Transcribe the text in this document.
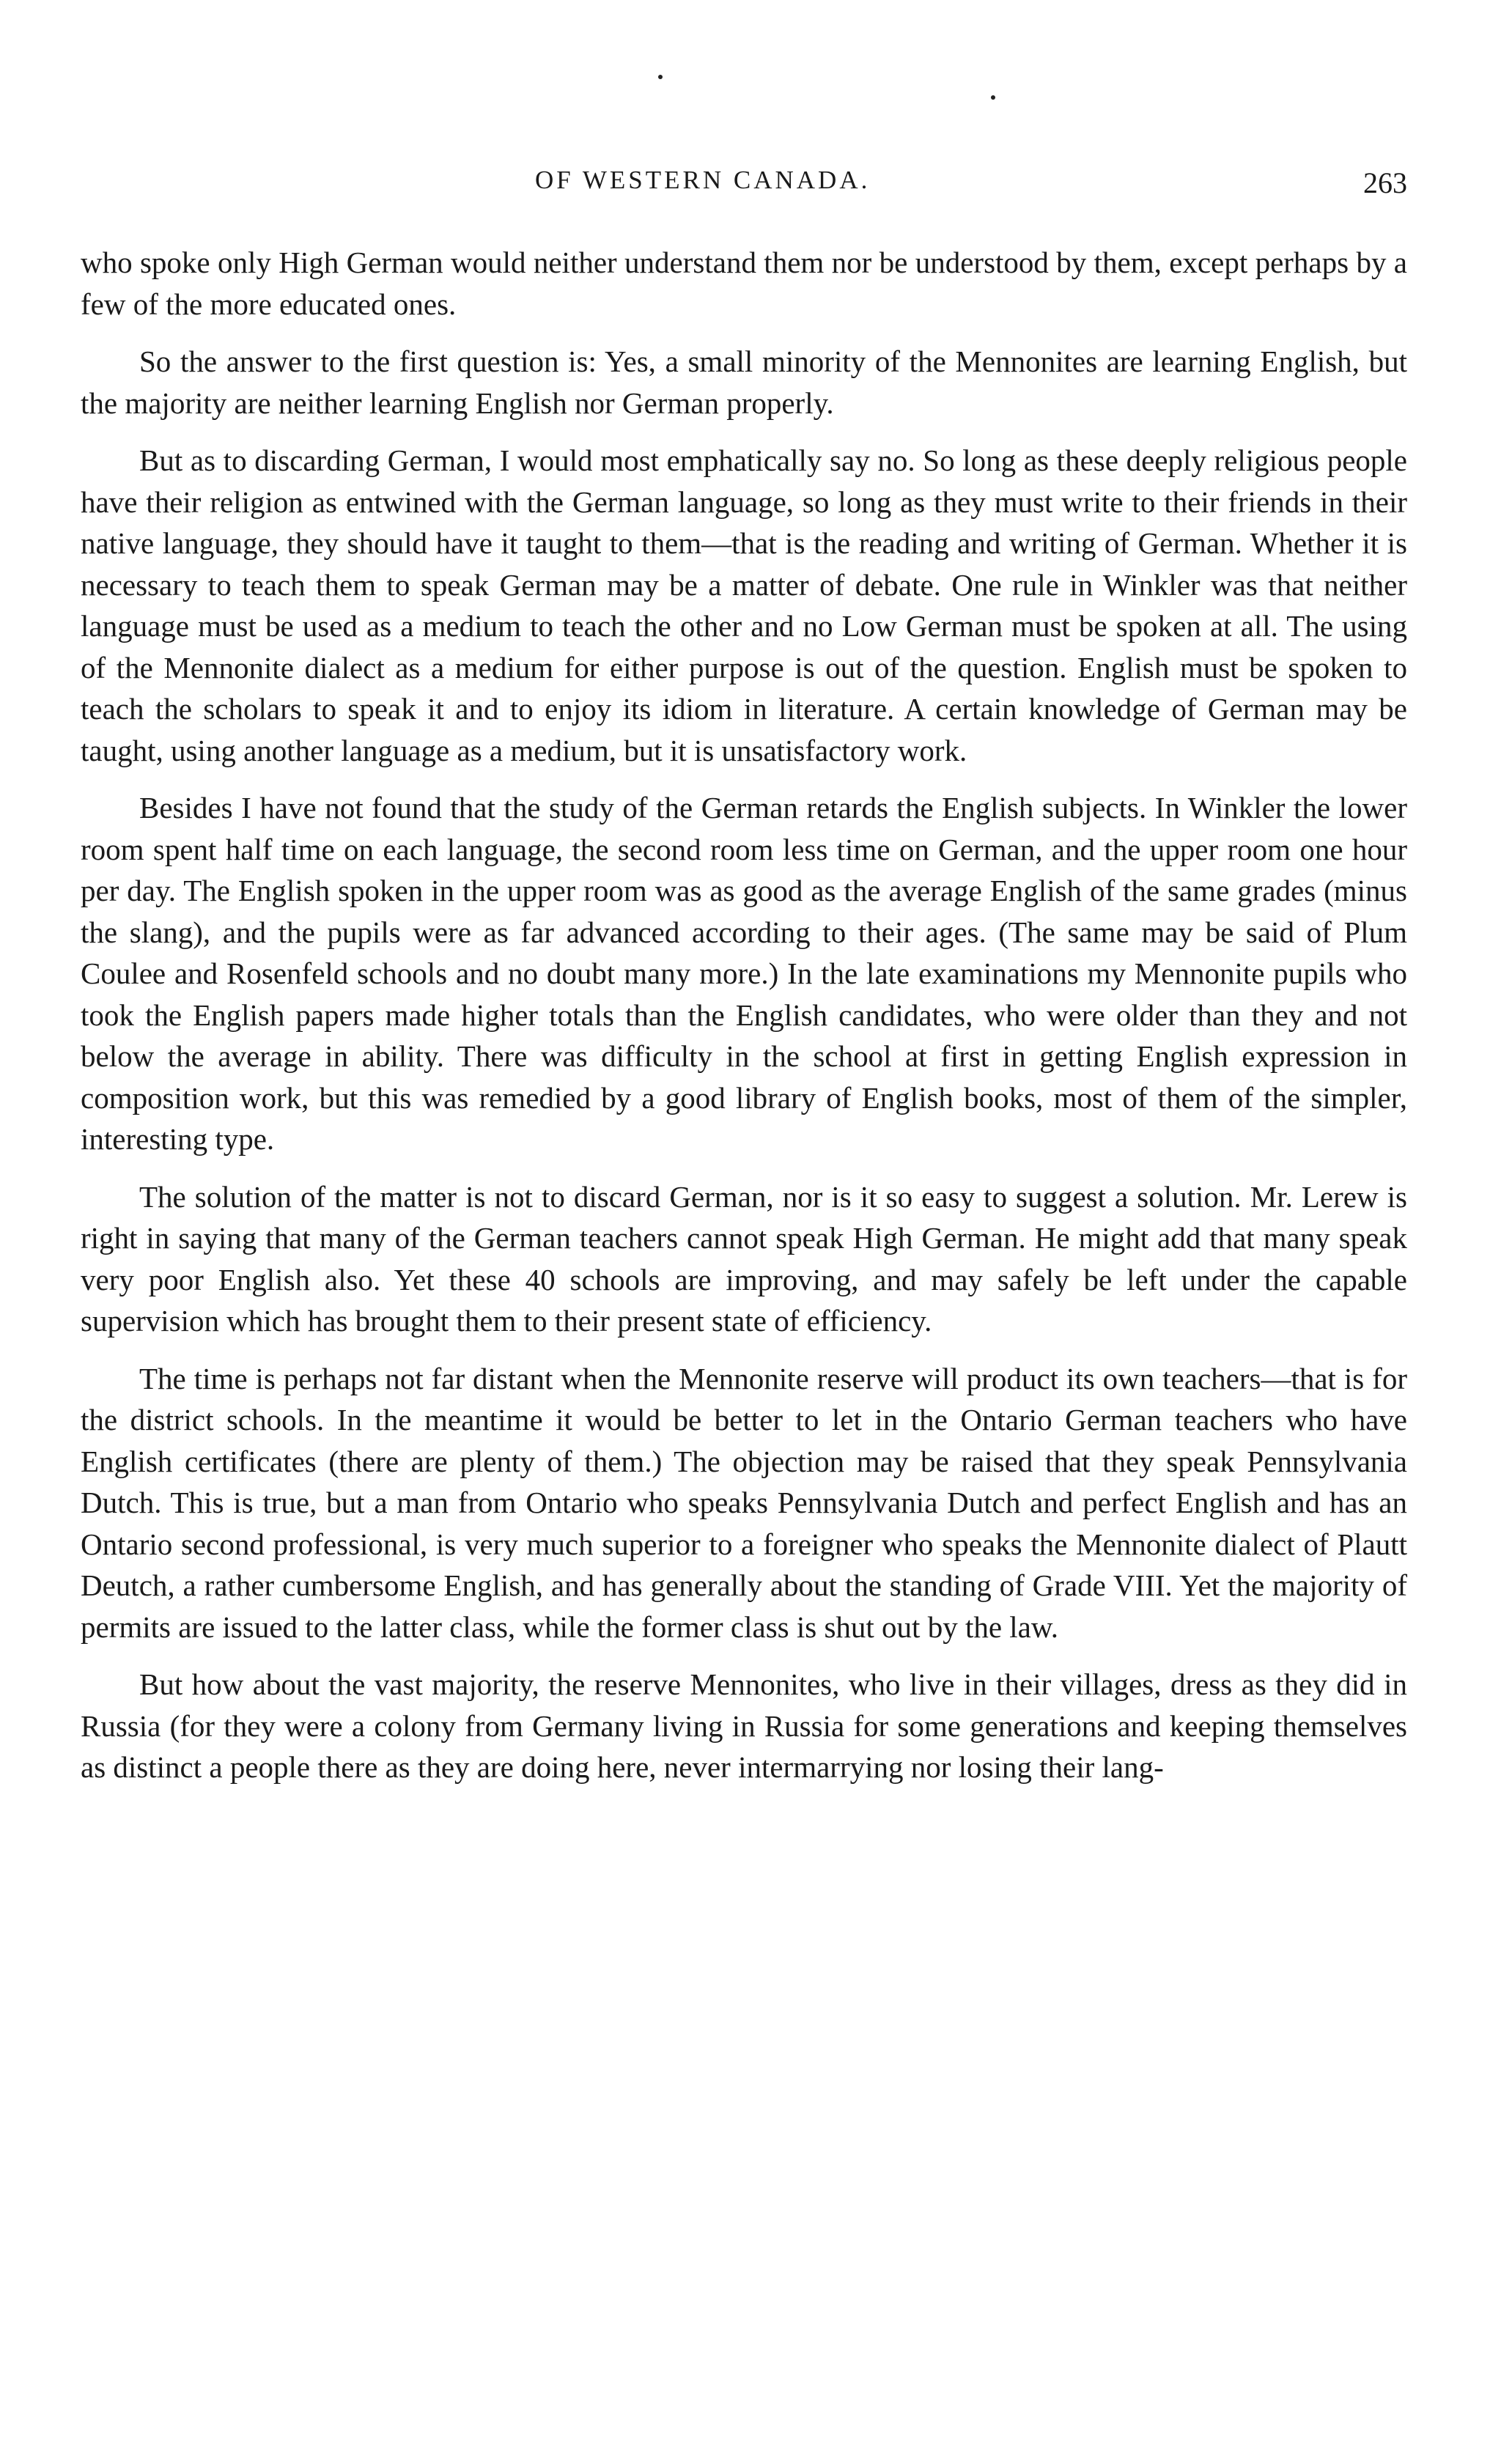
OF WESTERN CANADA.	263

who spoke only High German would neither understand them nor be understood by them, except perhaps by a few of the more educated ones.

So the answer to the first question is: Yes, a small minority of the Mennonites are learning English, but the majority are neither learning English nor German properly.

But as to discarding German, I would most emphatically say no. So long as these deeply religious people have their religion as entwined with the German language, so long as they must write to their friends in their native language, they should have it taught to them—that is the reading and writing of German. Whether it is necessary to teach them to speak German may be a matter of debate. One rule in Winkler was that neither language must be used as a medium to teach the other and no Low German must be spoken at all. The using of the Mennonite dialect as a medium for either purpose is out of the question. English must be spoken to teach the scholars to speak it and to enjoy its idiom in literature. A certain knowledge of German may be taught, using another language as a medium, but it is unsatisfactory work.

Besides I have not found that the study of the German retards the English subjects. In Winkler the lower room spent half time on each language, the second room less time on German, and the upper room one hour per day. The English spoken in the upper room was as good as the average English of the same grades (minus the slang), and the pupils were as far advanced according to their ages. (The same may be said of Plum Coulee and Rosenfeld schools and no doubt many more.) In the late examinations my Mennonite pupils who took the English papers made higher totals than the English candidates, who were older than they and not below the average in ability. There was difficulty in the school at first in getting English expression in composition work, but this was remedied by a good library of English books, most of them of the simpler, interesting type.

The solution of the matter is not to discard German, nor is it so easy to suggest a solution. Mr. Lerew is right in saying that many of the German teachers cannot speak High German. He might add that many speak very poor English also. Yet these 40 schools are improving, and may safely be left under the capable supervision which has brought them to their present state of efficiency.

The time is perhaps not far distant when the Mennonite reserve will product its own teachers—that is for the district schools. In the meantime it would be better to let in the Ontario German teachers who have English certificates (there are plenty of them.) The objection may be raised that they speak Pennsylvania Dutch. This is true, but a man from Ontario who speaks Pennsylvania Dutch and perfect English and has an Ontario second professional, is very much superior to a foreigner who speaks the Mennonite dialect of Plautt Deutch, a rather cumbersome English, and has generally about the standing of Grade VIII. Yet the majority of permits are issued to the latter class, while the former class is shut out by the law.

But how about the vast majority, the reserve Mennonites, who live in their villages, dress as they did in Russia (for they were a colony from Germany living in Russia for some generations and keeping themselves as distinct a people there as they are doing here, never intermarrying nor losing their lang-
